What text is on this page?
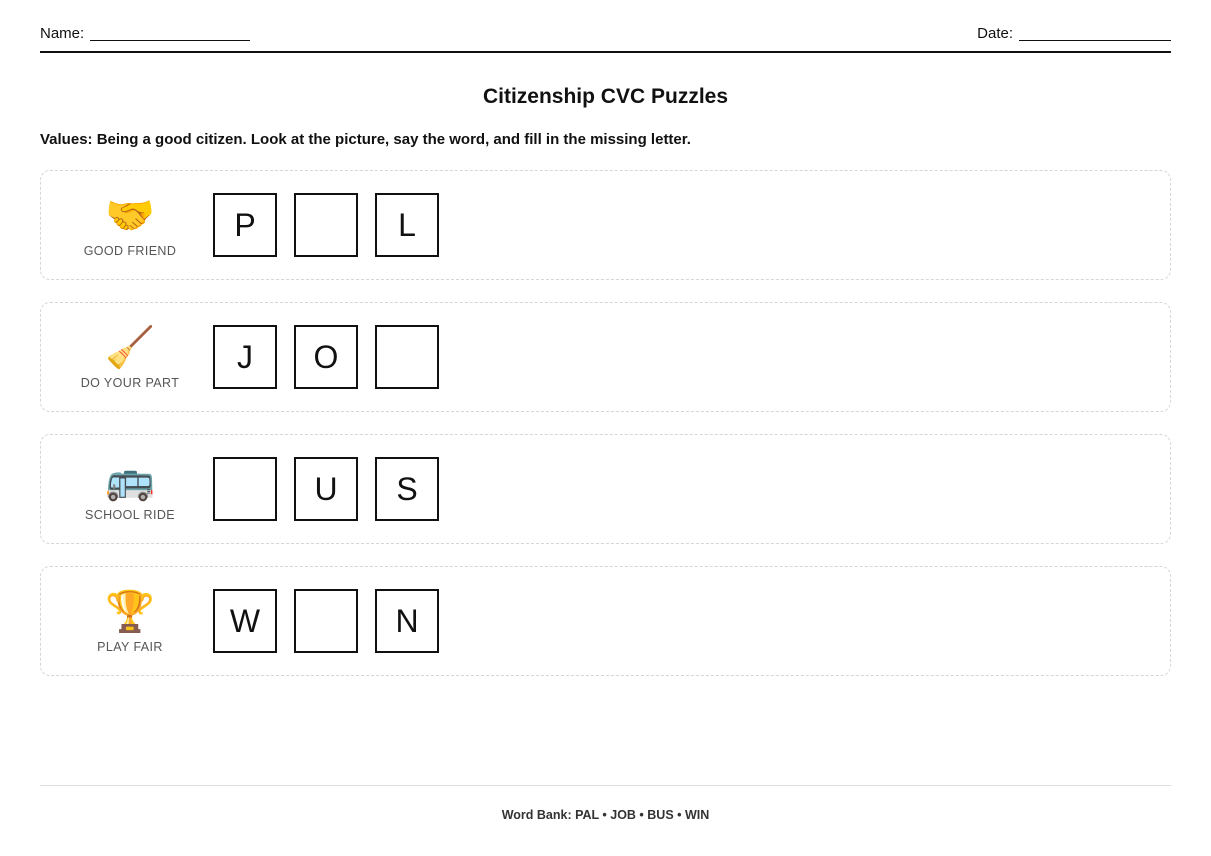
Name:	Date:
Citizenship CVC Puzzles
Values: Being a good citizen. Look at the picture, say the word, and fill in the missing letter.
🤝
GOOD FRIEND
P	L
🧹
DO YOUR PART
J	O
🚌
SCHOOL RIDE
U	S
🏆
PLAY FAIR
W	N
Word Bank: PAL • JOB • BUS • WIN
